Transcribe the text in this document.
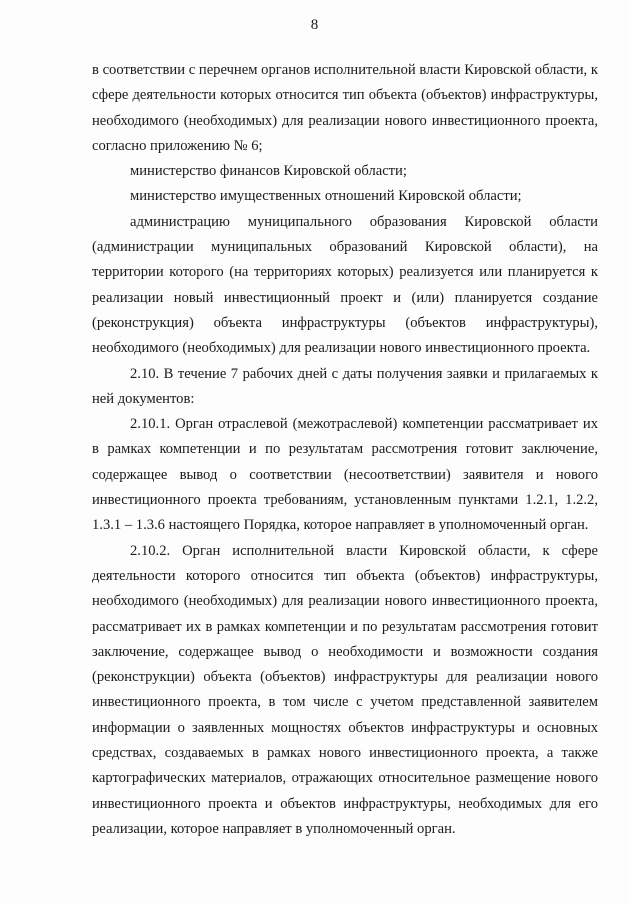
8

в соответствии с перечнем органов исполнительной власти Кировской области, к сфере деятельности которых относится тип объекта (объектов) инфраструктуры, необходимого (необходимых) для реализации нового инвестиционного проекта, согласно приложению № 6;

министерство финансов Кировской области;

министерство имущественных отношений Кировской области;

администрацию муниципального образования Кировской области (администрации муниципальных образований Кировской области), на территории которого (на территориях которых) реализуется или планируется к реализации новый инвестиционный проект и (или) планируется создание (реконструкция) объекта инфраструктуры (объектов инфраструктуры), необходимого (необходимых) для реализации нового инвестиционного проекта.

2.10. В течение 7 рабочих дней с даты получения заявки и прилагаемых к ней документов:

2.10.1. Орган отраслевой (межотраслевой) компетенции рассматривает их в рамках компетенции и по результатам рассмотрения готовит заключение, содержащее вывод о соответствии (несоответствии) заявителя и нового инвестиционного проекта требованиям, установленным пунктами 1.2.1, 1.2.2, 1.3.1 – 1.3.6 настоящего Порядка, которое направляет в уполномоченный орган.

2.10.2. Орган исполнительной власти Кировской области, к сфере деятельности которого относится тип объекта (объектов) инфраструктуры, необходимого (необходимых) для реализации нового инвестиционного проекта, рассматривает их в рамках компетенции и по результатам рассмотрения готовит заключение, содержащее вывод о необходимости и возможности создания (реконструкции) объекта (объектов) инфраструктуры для реализации нового инвестиционного проекта, в том числе с учетом представленной заявителем информации о заявленных мощностях объектов инфраструктуры и основных средствах, создаваемых в рамках нового инвестиционного проекта, а также картографических материалов, отражающих относительное размещение нового инвестиционного проекта и объектов инфраструктуры, необходимых для его реализации, которое направляет в уполномоченный орган.
